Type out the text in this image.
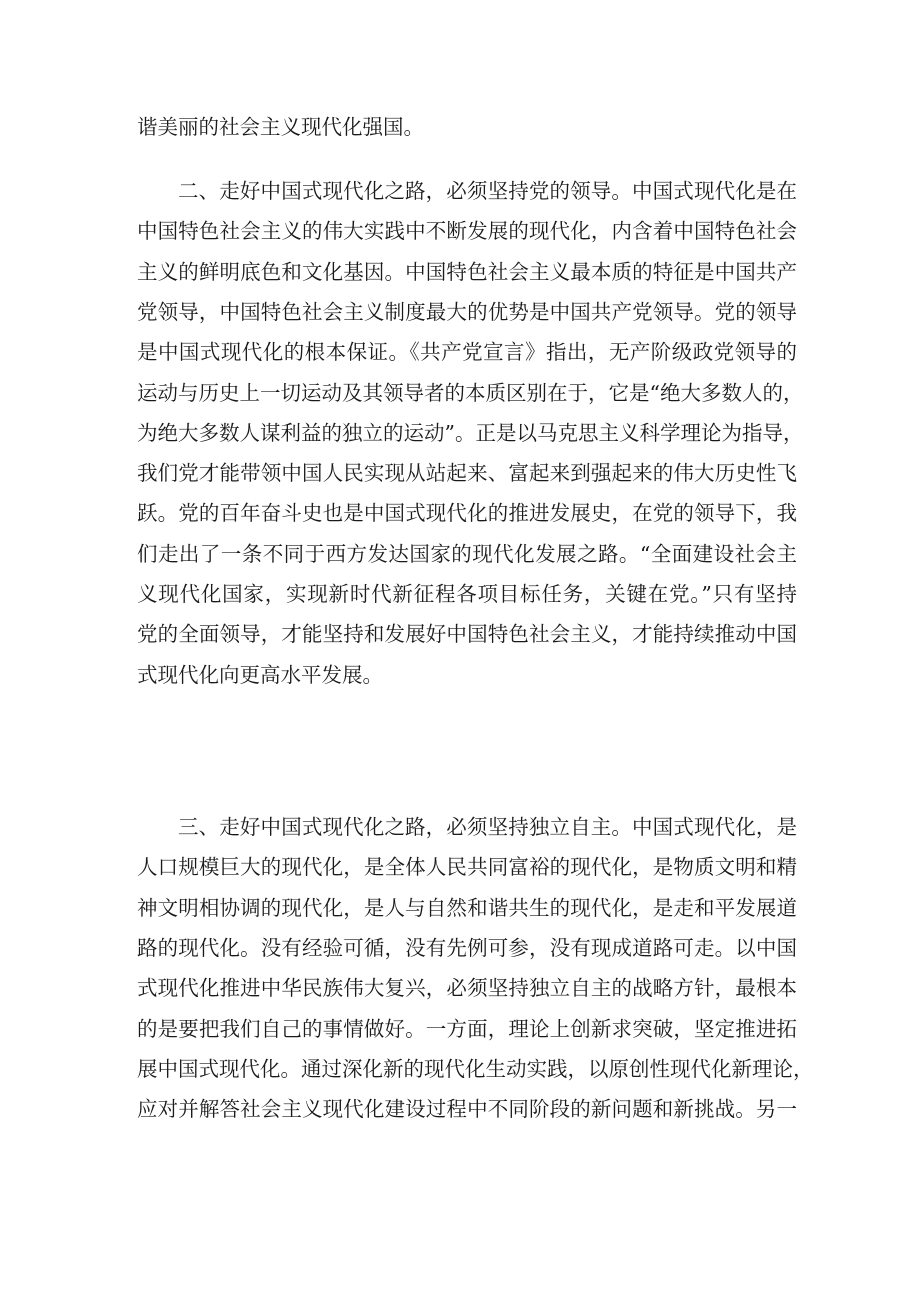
谐美丽的社会主义现代化强国。
二、走好中国式现代化之路，必须坚持党的领导。中国式现代化是在
中国特色社会主义的伟大实践中不断发展的现代化，内含着中国特色社会
主义的鲜明底色和文化基因。中国特色社会主义最本质的特征是中国共产
党领导，中国特色社会主义制度最大的优势是中国共产党领导。党的领导
是中国式现代化的根本保证。《共产党宣言》指出，无产阶级政党领导的
运动与历史上一切运动及其领导者的本质区别在于，它是“绝大多数人的，
为绝大多数人谋利益的独立的运动”。正是以马克思主义科学理论为指导，
我们党才能带领中国人民实现从站起来、富起来到强起来的伟大历史性飞
跃。党的百年奋斗史也是中国式现代化的推进发展史，在党的领导下，我
们走出了一条不同于西方发达国家的现代化发展之路。“全面建设社会主
义现代化国家，实现新时代新征程各项目标任务，关键在党。”只有坚持
党的全面领导，才能坚持和发展好中国特色社会主义，才能持续推动中国
式现代化向更高水平发展。
三、走好中国式现代化之路，必须坚持独立自主。中国式现代化，是
人口规模巨大的现代化，是全体人民共同富裕的现代化，是物质文明和精
神文明相协调的现代化，是人与自然和谐共生的现代化，是走和平发展道
路的现代化。没有经验可循，没有先例可参，没有现成道路可走。以中国
式现代化推进中华民族伟大复兴，必须坚持独立自主的战略方针，最根本
的是要把我们自己的事情做好。一方面，理论上创新求突破，坚定推进拓
展中国式现代化。通过深化新的现代化生动实践，以原创性现代化新理论，
应对并解答社会主义现代化建设过程中不同阶段的新问题和新挑战。另一
